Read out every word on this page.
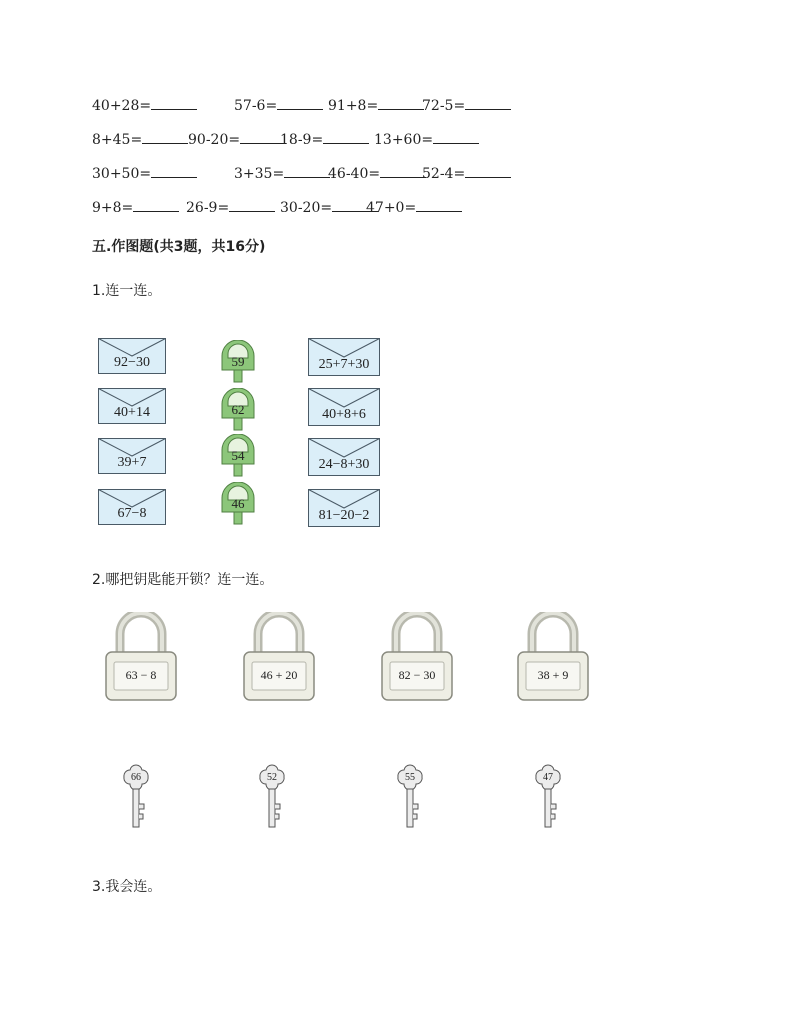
40+28=	57-6=	91+8=	72-5=
8+45=	90-20=	18-9=	13+60=
30+50=	3+35=	46-40=	52-4=
9+8=	26-9=	30-20=	47+0=
五.作图题(共3题，共16分)
1.连一连。
92−30
40+14
39+7
67−8
59
62
54
46
25+7+30
40+8+6
24−8+30
81−20−2
2.哪把钥匙能开锁？连一连。
63 − 8	46 + 20	82 − 30	38 + 9
66	52	55	47
3.我会连。
